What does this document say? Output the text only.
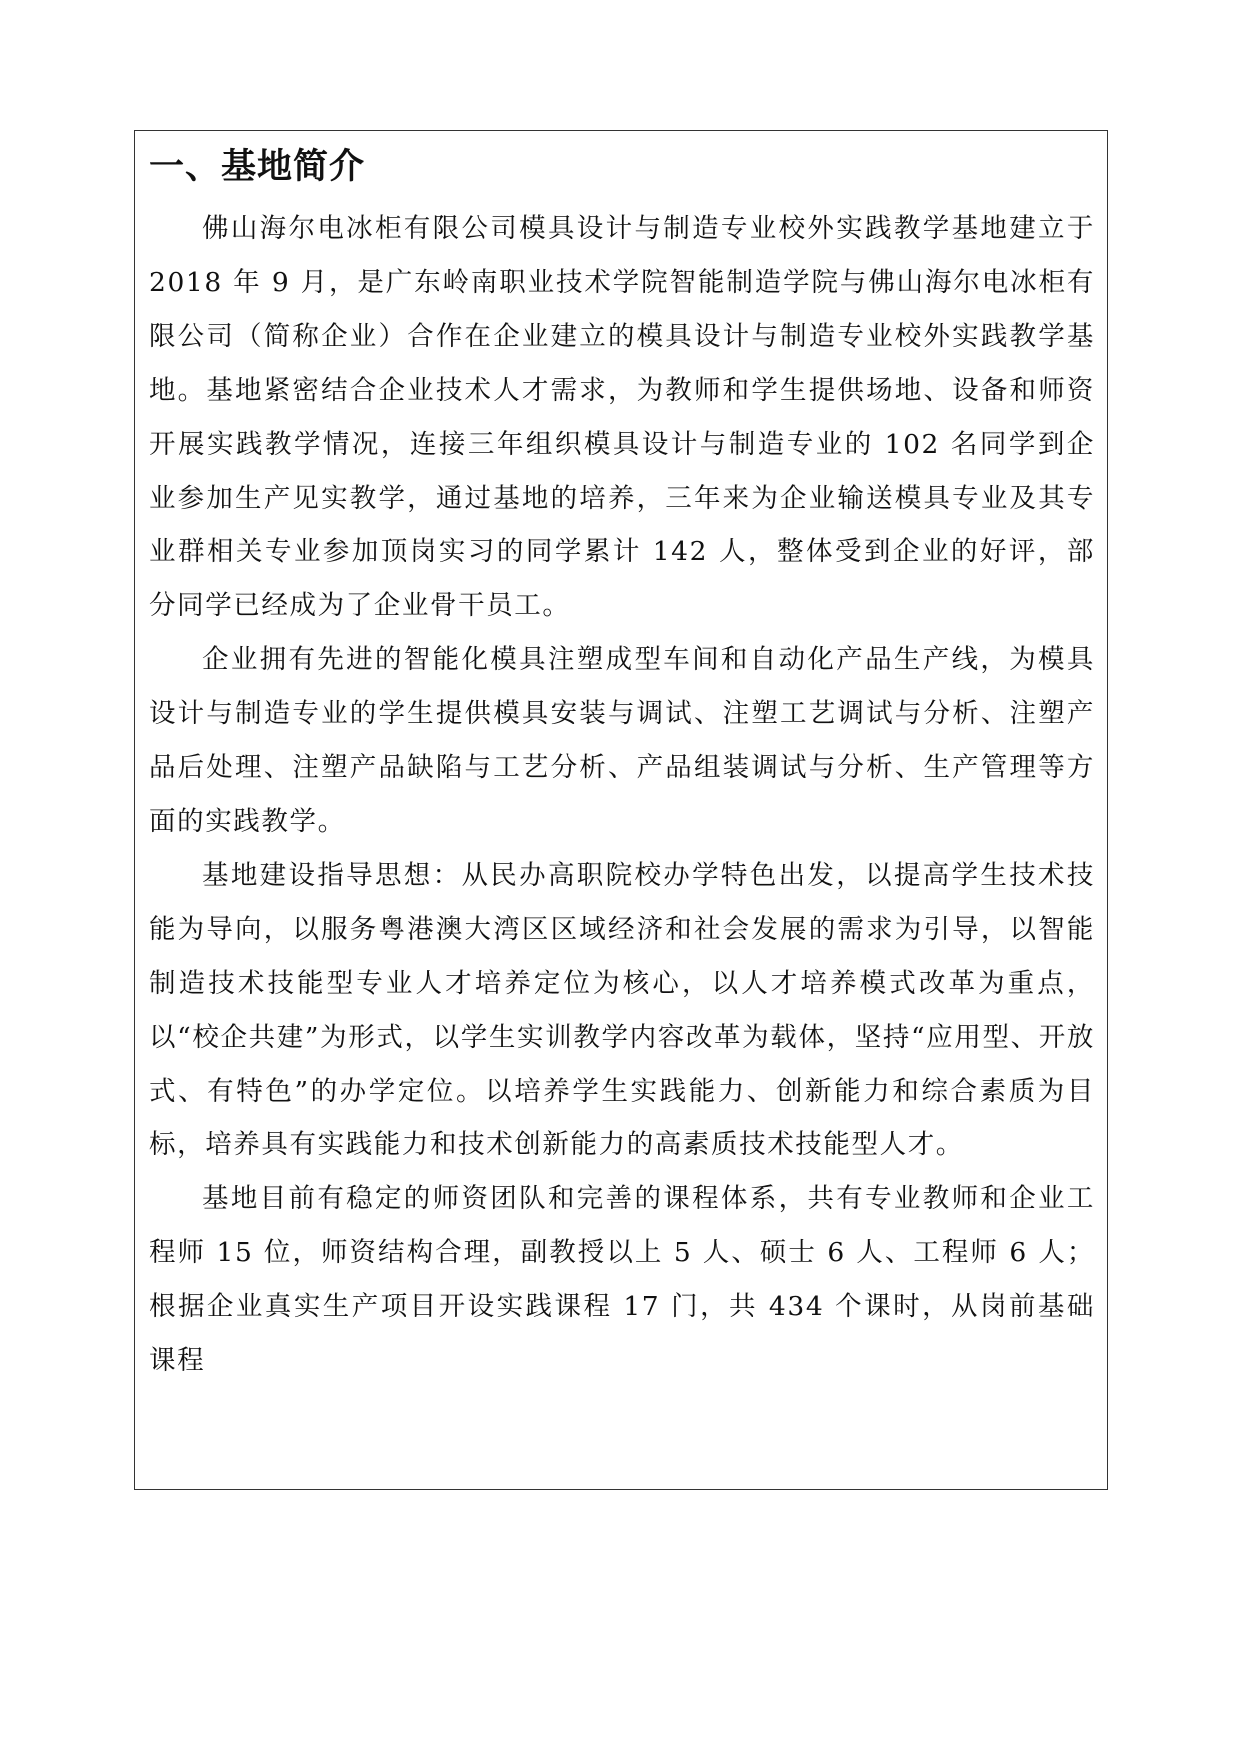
一、基地简介

佛山海尔电冰柜有限公司模具设计与制造专业校外实践教学基地建立于 2018 年 9 月，是广东岭南职业技术学院智能制造学院与佛山海尔电冰柜有限公司（简称企业）合作在企业建立的模具设计与制造专业校外实践教学基地。基地紧密结合企业技术人才需求，为教师和学生提供场地、设备和师资开展实践教学情况，连接三年组织模具设计与制造专业的 102 名同学到企业参加生产见实教学，通过基地的培养，三年来为企业输送模具专业及其专业群相关专业参加顶岗实习的同学累计 142 人，整体受到企业的好评，部分同学已经成为了企业骨干员工。

企业拥有先进的智能化模具注塑成型车间和自动化产品生产线，为模具设计与制造专业的学生提供模具安装与调试、注塑工艺调试与分析、注塑产品后处理、注塑产品缺陷与工艺分析、产品组装调试与分析、生产管理等方面的实践教学。

基地建设指导思想：从民办高职院校办学特色出发，以提高学生技术技能为导向，以服务粤港澳大湾区区域经济和社会发展的需求为引导，以智能制造技术技能型专业人才培养定位为核心，以人才培养模式改革为重点，以“校企共建”为形式，以学生实训教学内容改革为载体，坚持“应用型、开放式、有特色”的办学定位。以培养学生实践能力、创新能力和综合素质为目标，培养具有实践能力和技术创新能力的高素质技术技能型人才。

基地目前有稳定的师资团队和完善的课程体系，共有专业教师和企业工程师 15 位，师资结构合理，副教授以上 5 人、硕士 6 人、工程师 6 人；根据企业真实生产项目开设实践课程 17 门，共 434 个课时，从岗前基础课程
